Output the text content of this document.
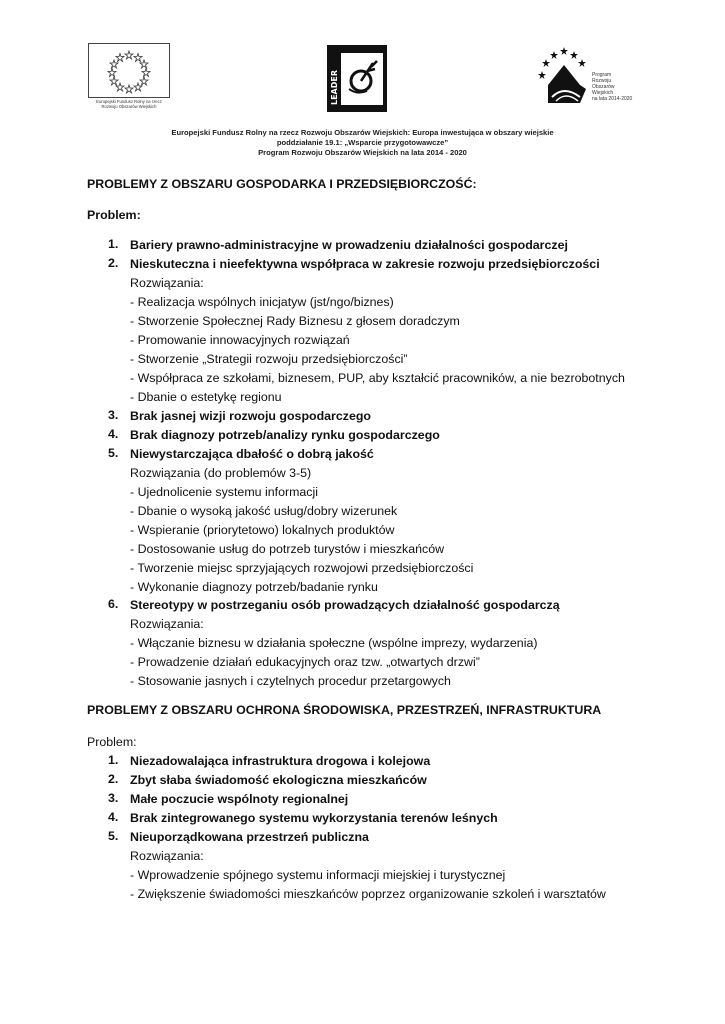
Europejski Fundusz Rolny na rzecz Rozwoju Obszarów Wiejskich
LEADER	Program
Rozwoju
Obszarów
Wiejskich
na lata 2014-2020
Europejski Fundusz Rolny na rzecz Rozwoju Obszarów Wiejskich: Europa inwestująca w obszary wiejskie
poddziałanie 19.1: „Wsparcie przygotowawcze”
Program Rozwoju Obszarów Wiejskich na lata 2014 - 2020
PROBLEMY Z OBSZARU GOSPODARKA I PRZEDSIĘBIORCZOŚĆ:
Problem:
1. Bariery prawno-administracyjne w prowadzeniu działalności gospodarczej
2. Nieskuteczna i nieefektywna współpraca w zakresie rozwoju przedsiębiorczości
Rozwiązania:
- Realizacja wspólnych inicjatyw (jst/ngo/biznes)
- Stworzenie Społecznej Rady Biznesu z głosem doradczym
- Promowanie innowacyjnych rozwiązań
- Stworzenie „Strategii rozwoju przedsiębiorczości”
- Współpraca ze szkołami, biznesem, PUP, aby kształcić pracowników, a nie bezrobotnych
- Dbanie o estetykę regionu
3. Brak jasnej wizji rozwoju gospodarczego
4. Brak diagnozy potrzeb/analizy rynku gospodarczego
5. Niewystarczająca dbałość o dobrą jakość
Rozwiązania (do problemów 3-5)
- Ujednolicenie systemu informacji
- Dbanie o wysoką jakość usług/dobry wizerunek
- Wspieranie (priorytetowo) lokalnych produktów
- Dostosowanie usług do potrzeb turystów i mieszkańców
- Tworzenie miejsc sprzyjających rozwojowi przedsiębiorczości
- Wykonanie diagnozy potrzeb/badanie rynku
6. Stereotypy w postrzeganiu osób prowadzących działalność gospodarczą
Rozwiązania:
- Włączanie biznesu w działania społeczne (wspólne imprezy, wydarzenia)
- Prowadzenie działań edukacyjnych oraz tzw. „otwartych drzwi”
- Stosowanie jasnych i czytelnych procedur przetargowych
PROBLEMY Z OBSZARU OCHRONA ŚRODOWISKA, PRZESTRZEŃ, INFRASTRUKTURA
Problem:
1. Niezadowalająca infrastruktura drogowa i kolejowa
2. Zbyt słaba świadomość ekologiczna mieszkańców
3. Małe poczucie wspólnoty regionalnej
4. Brak zintegrowanego systemu wykorzystania terenów leśnych
5. Nieuporządkowana przestrzeń publiczna
Rozwiązania:
- Wprowadzenie spójnego systemu informacji miejskiej i turystycznej
- Zwiększenie świadomości mieszkańców poprzez organizowanie szkoleń i warsztatów
